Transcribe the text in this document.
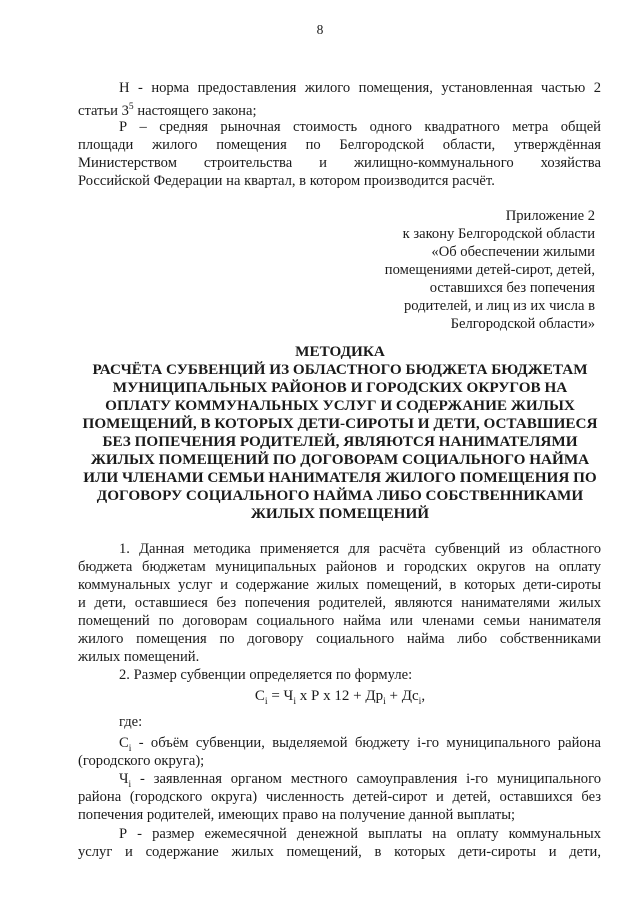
8
Н - норма предоставления жилого помещения, установленная частью 2
статьи $3^5$ настоящего закона;
Р – средняя рыночная стоимость одного квадратного метра общей
площади жилого помещения по Белгородской области, утверждённая
Министерством строительства и жилищно-коммунального хозяйства
Российской Федерации на квартал, в котором производится расчёт.
Приложение 2
к закону Белгородской области
«Об обеспечении жилыми
помещениями детей-сирот, детей,
оставшихся без попечения
родителей, и лиц из их числа в
Белгородской области»
МЕТОДИКА
РАСЧЁТА СУБВЕНЦИЙ ИЗ ОБЛАСТНОГО БЮДЖЕТА БЮДЖЕТАМ
МУНИЦИПАЛЬНЫХ РАЙОНОВ И ГОРОДСКИХ ОКРУГОВ НА
ОПЛАТУ КОММУНАЛЬНЫХ УСЛУГ И СОДЕРЖАНИЕ ЖИЛЫХ
ПОМЕЩЕНИЙ, В КОТОРЫХ ДЕТИ-СИРОТЫ И ДЕТИ, ОСТАВШИЕСЯ
БЕЗ ПОПЕЧЕНИЯ РОДИТЕЛЕЙ, ЯВЛЯЮТСЯ НАНИМАТЕЛЯМИ
ЖИЛЫХ ПОМЕЩЕНИЙ ПО ДОГОВОРАМ СОЦИАЛЬНОГО НАЙМА
ИЛИ ЧЛЕНАМИ СЕМЬИ НАНИМАТЕЛЯ ЖИЛОГО ПОМЕЩЕНИЯ ПО
ДОГОВОРУ СОЦИАЛЬНОГО НАЙМА ЛИБО СОБСТВЕННИКАМИ
ЖИЛЫХ ПОМЕЩЕНИЙ
1. Данная методика применяется для расчёта субвенций из областного
бюджета бюджетам муниципальных районов и городских округов на оплату
коммунальных услуг и содержание жилых помещений, в которых дети-сироты
и дети, оставшиеся без попечения родителей, являются нанимателями жилых
помещений по договорам социального найма или членами семьи нанимателя
жилого помещения по договору социального найма либо собственниками
жилых помещений.
2. Размер субвенции определяется по формуле:
$C_i = Ч_i$ х Р х $12 + Др_i + Дс_i$,
где:
$C_i$ - объём субвенции, выделяемой бюджету i-го муниципального района
(городского округа);
$Ч_i$ - заявленная органом местного самоуправления i-го муниципального
района (городского округа) численность детей-сирот и детей, оставшихся без
попечения родителей, имеющих право на получение данной выплаты;
Р - размер ежемесячной денежной выплаты на оплату коммунальных
услуг и содержание жилых помещений, в которых дети-сироты и дети,
